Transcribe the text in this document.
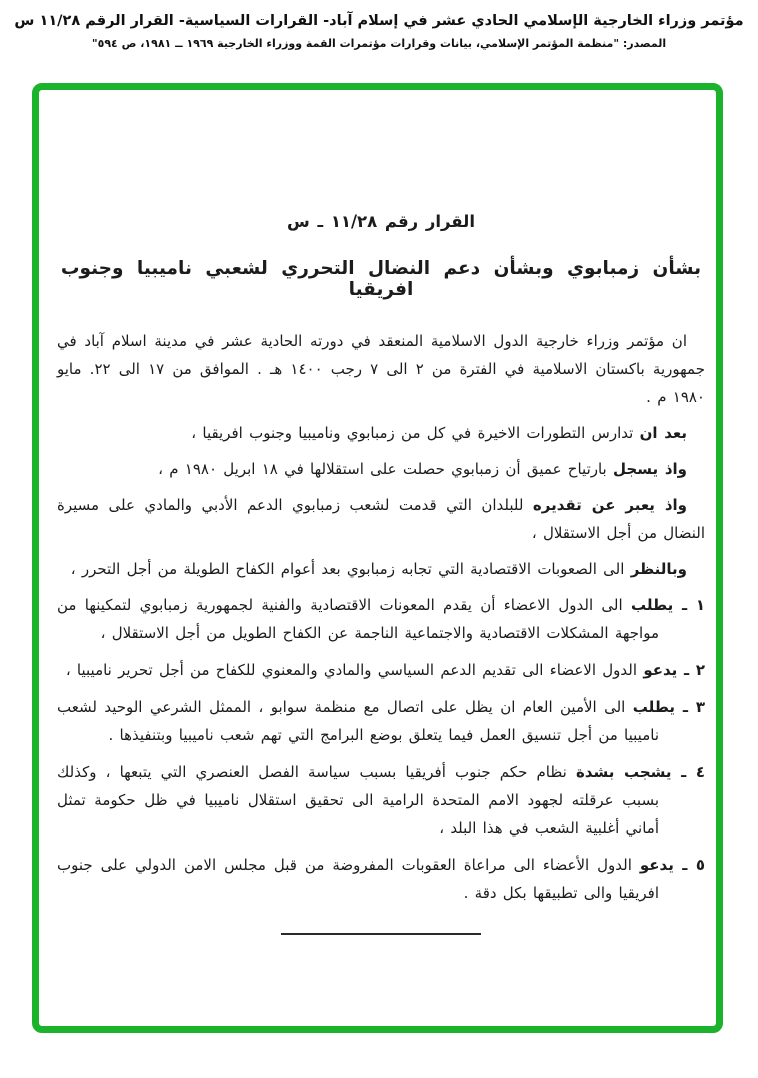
مؤتمر وزراء الخارجية الإسلامي الحادي عشر في إسلام آباد- القرارات السياسية- القرار الرقم ١١/٢٨ س
المصدر: "منظمة المؤتمر الإسلامي، بيانات وقرارات مؤتمرات القمة ووزراء الخارجية ١٩٦٩ ــ ١٩٨١، ص ٥٩٤"
القرار رقم ١١/٢٨ ـ س
بشأن زمبابوي وبشأن دعم النضال التحرري لشعبي ناميبيا وجنوب افريقيا

ان مؤتمر وزراء خارجية الدول الاسلامية المنعقد في دورته الحادية عشر في مدينة اسلام آباد في جمهورية باكستان الاسلامية في الفترة من ٢ الى ٧ رجب ١٤٠٠ هـ . الموافق من ١٧ الى ٢٢. مايو ١٩٨٠ م .

بعد ان تدارس التطورات الاخيرة في كل من زمبابوي وناميبيا وجنوب افريقيا ،

واذ يسجل بارتياح عميق أن زمبابوي حصلت على استقلالها في ١٨ ابريل ١٩٨٠ م ،

واذ يعبر عن تقديره للبلدان التي قدمت لشعب زمبابوي الدعم الأدبي والمادي على مسيرة النضال من أجل الاستقلال ،

وبالنظر الى الصعوبات الاقتصادية التي تجابه زمبابوي بعد أعوام الكفاح الطويلة من أجل التحرر ،

١ ـ يطلب الى الدول الاعضاء أن يقدم المعونات الاقتصادية والفنية لجمهورية زمبابوي لتمكينها من مواجهة المشكلات الاقتصادية والاجتماعية الناجمة عن الكفاح الطويل من أجل الاستقلال ،

٢ ـ يدعو الدول الاعضاء الى تقديم الدعم السياسي والمادي والمعنوي للكفاح من أجل تحرير ناميبيا ،

٣ ـ يطلب الى الأمين العام ان يظل على اتصال مع منظمة سوابو ، الممثل الشرعي الوحيد لشعب ناميبيا من أجل تنسيق العمل فيما يتعلق بوضع البرامج التي تهم شعب ناميبيا وبتنفيذها .

٤ ـ يشجب بشدة نظام حكم جنوب أفريقيا بسبب سياسة الفصل العنصري التي يتبعها ، وكذلك بسبب عرقلته لجهود الامم المتحدة الرامية الى تحقيق استقلال ناميبيا في ظل حكومة تمثل أماني أغلبية الشعب في هذا البلد ،

٥ ـ يدعو الدول الأعضاء الى مراعاة العقوبات المفروضة من قبل مجلس الامن الدولي على جنوب افريقيا والى تطبيقها بكل دقة .
